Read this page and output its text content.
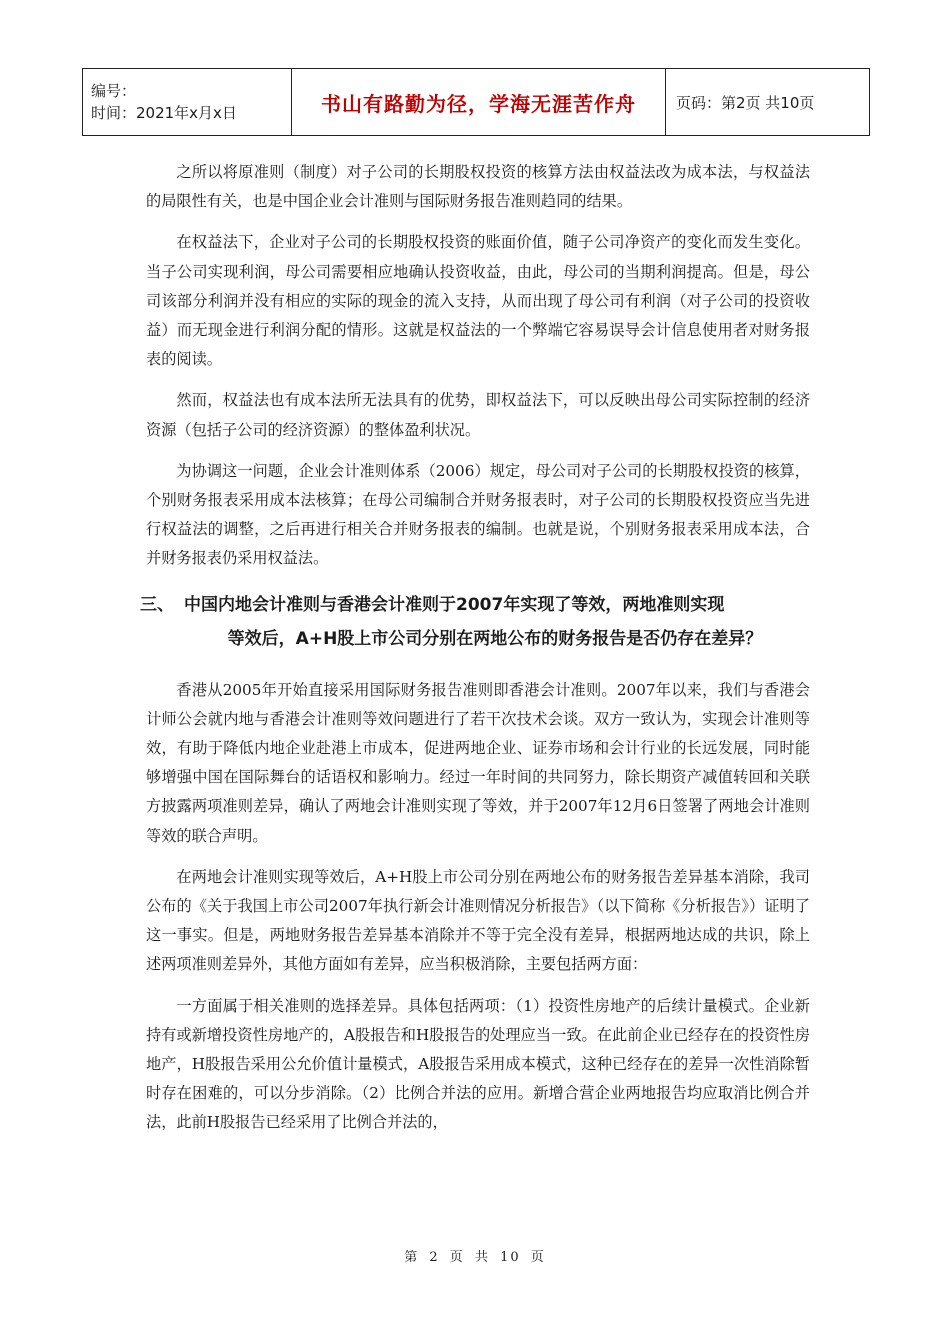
编号：
时间：2021年x月x日	书山有路勤为径，学海无涯苦作舟	页码：第2页 共10页

之所以将原准则（制度）对子公司的长期股权投资的核算方法由权益法改为成本法，与权益法的局限性有关，也是中国企业会计准则与国际财务报告准则趋同的结果。

在权益法下，企业对子公司的长期股权投资的账面价值，随子公司净资产的变化而发生变化。当子公司实现利润，母公司需要相应地确认投资收益，由此，母公司的当期利润提高。但是，母公司该部分利润并没有相应的实际的现金的流入支持，从而出现了母公司有利润（对子公司的投资收益）而无现金进行利润分配的情形。这就是权益法的一个弊端它容易误导会计信息使用者对财务报表的阅读。

然而，权益法也有成本法所无法具有的优势，即权益法下，可以反映出母公司实际控制的经济资源（包括子公司的经济资源）的整体盈利状况。

为协调这一问题，企业会计准则体系（2006）规定，母公司对子公司的长期股权投资的核算，个别财务报表采用成本法核算；在母公司编制合并财务报表时，对子公司的长期股权投资应当先进行权益法的调整，之后再进行相关合并财务报表的编制。也就是说，个别财务报表采用成本法，合并财务报表仍采用权益法。

三、 中国内地会计准则与香港会计准则于2007年实现了等效，两地准则实现
等效后，A+H股上市公司分别在两地公布的财务报告是否仍存在差异？

香港从2005年开始直接采用国际财务报告准则即香港会计准则。2007年以来，我们与香港会计师公会就内地与香港会计准则等效问题进行了若干次技术会谈。双方一致认为，实现会计准则等效，有助于降低内地企业赴港上市成本，促进两地企业、证券市场和会计行业的长远发展，同时能够增强中国在国际舞台的话语权和影响力。经过一年时间的共同努力，除长期资产减值转回和关联方披露两项准则差异，确认了两地会计准则实现了等效，并于2007年12月6日签署了两地会计准则等效的联合声明。

在两地会计准则实现等效后，A+H股上市公司分别在两地公布的财务报告差异基本消除，我司公布的《关于我国上市公司2007年执行新会计准则情况分析报告》（以下简称《分析报告》）证明了这一事实。但是，两地财务报告差异基本消除并不等于完全没有差异，根据两地达成的共识，除上述两项准则差异外，其他方面如有差异，应当积极消除，主要包括两方面：

一方面属于相关准则的选择差异。具体包括两项：（1）投资性房地产的后续计量模式。企业新持有或新增投资性房地产的，A股报告和H股报告的处理应当一致。在此前企业已经存在的投资性房地产，H股报告采用公允价值计量模式，A股报告采用成本模式，这种已经存在的差异一次性消除暂时存在困难的，可以分步消除。（2）比例合并法的应用。新增合营企业两地报告均应取消比例合并法，此前H股报告已经采用了比例合并法的，

第 2 页 共 10 页
